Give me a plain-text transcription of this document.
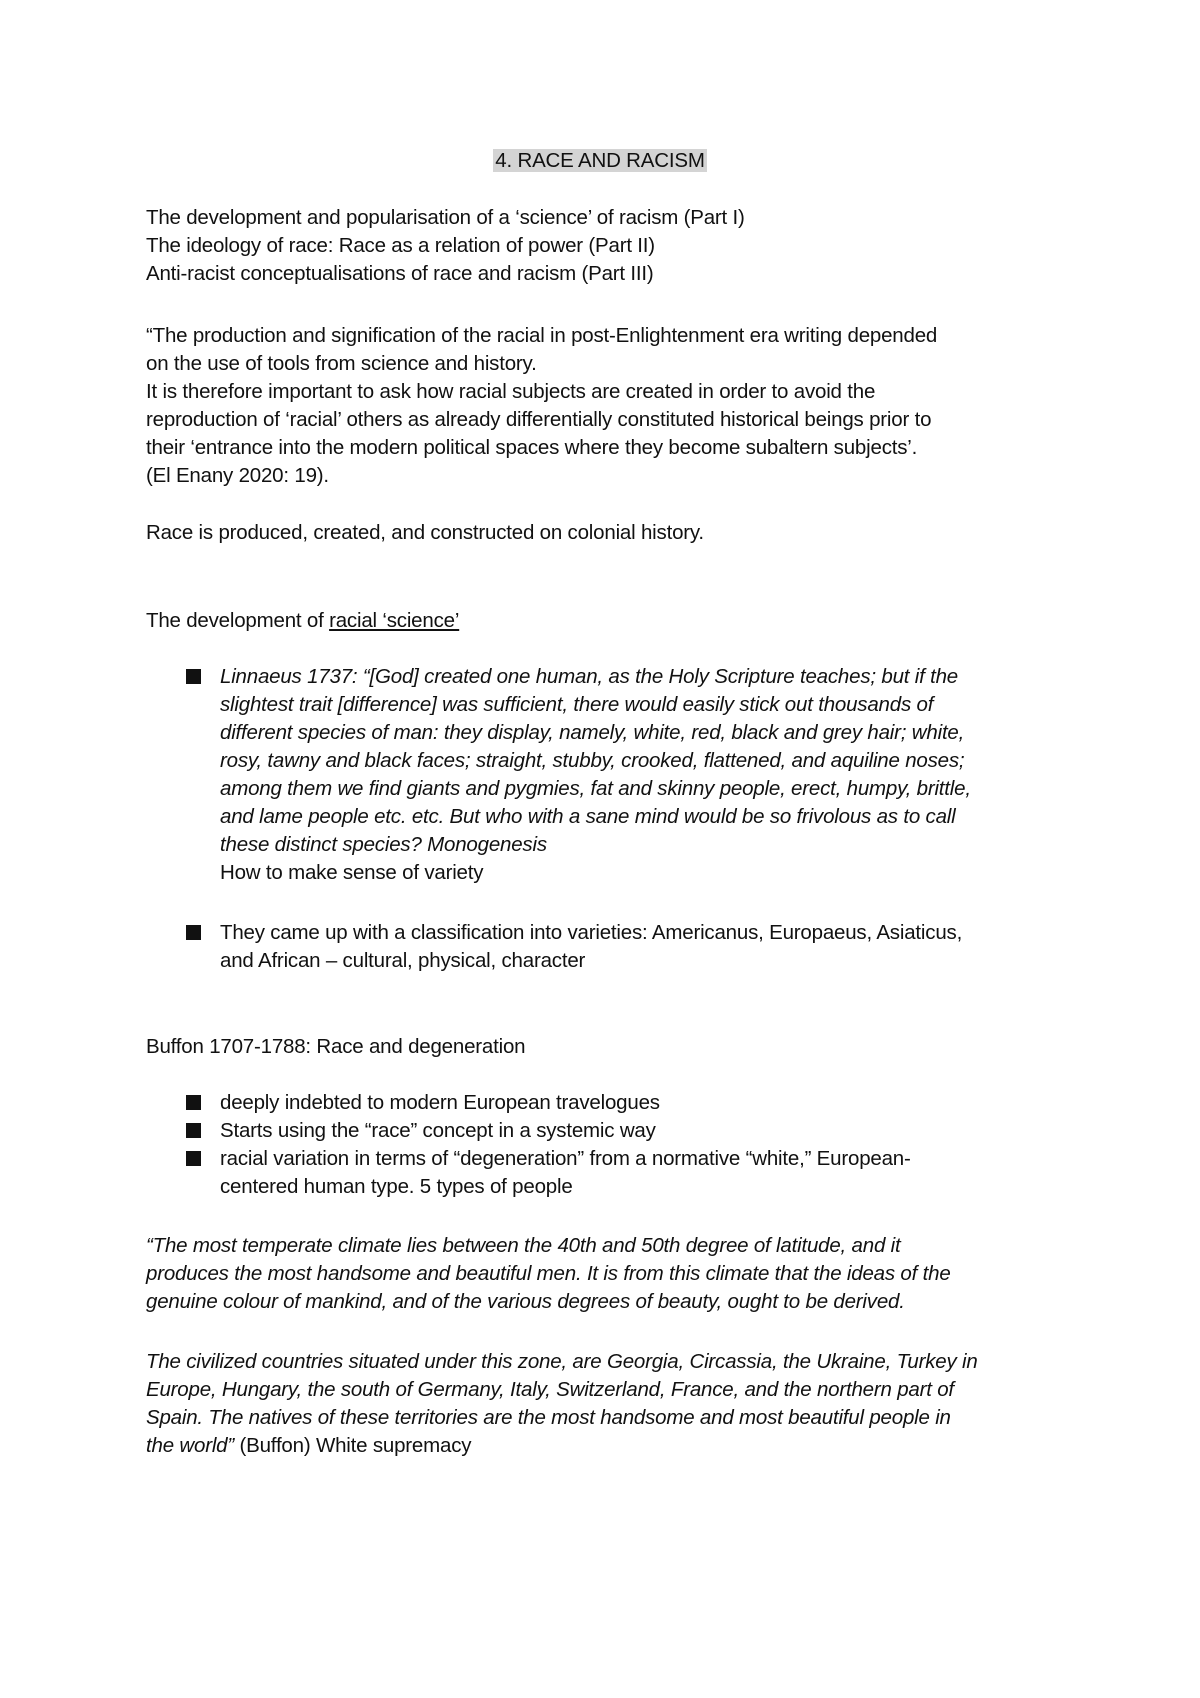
4. RACE AND RACISM
The development and popularisation of a ‘science’ of racism (Part I)
The ideology of race: Race as a relation of power (Part II)
Anti-racist conceptualisations of race and racism (Part III)
“The production and signification of the racial in post-Enlightenment era writing depended
on the use of tools from science and history.
It is therefore important to ask how racial subjects are created in order to avoid the
reproduction of ‘racial’ others as already differentially constituted historical beings prior to
their ‘entrance into the modern political spaces where they become subaltern subjects’.
(El Enany 2020: 19).
Race is produced, created, and constructed on colonial history.
The development of racial ‘science’
Linnaeus 1737: “[God] created one human, as the Holy Scripture teaches; but if the
slightest trait [difference] was sufficient, there would easily stick out thousands of
different species of man: they display, namely, white, red, black and grey hair; white,
rosy, tawny and black faces; straight, stubby, crooked, flattened, and aquiline noses;
among them we find giants and pygmies, fat and skinny people, erect, humpy, brittle,
and lame people etc. etc. But who with a sane mind would be so frivolous as to call
these distinct species? Monogenesis
How to make sense of variety
They came up with a classification into varieties: Americanus, Europaeus, Asiaticus,
and African – cultural, physical, character
Buffon 1707-1788: Race and degeneration
deeply indebted to modern European travelogues
Starts using the “race” concept in a systemic way
racial variation in terms of “degeneration” from a normative “white,” European-
centered human type. 5 types of people
“The most temperate climate lies between the 40th and 50th degree of latitude, and it
produces the most handsome and beautiful men. It is from this climate that the ideas of the
genuine colour of mankind, and of the various degrees of beauty, ought to be derived.
The civilized countries situated under this zone, are Georgia, Circassia, the Ukraine, Turkey in
Europe, Hungary, the south of Germany, Italy, Switzerland, France, and the northern part of
Spain. The natives of these territories are the most handsome and most beautiful people in
the world” (Buffon) White supremacy
